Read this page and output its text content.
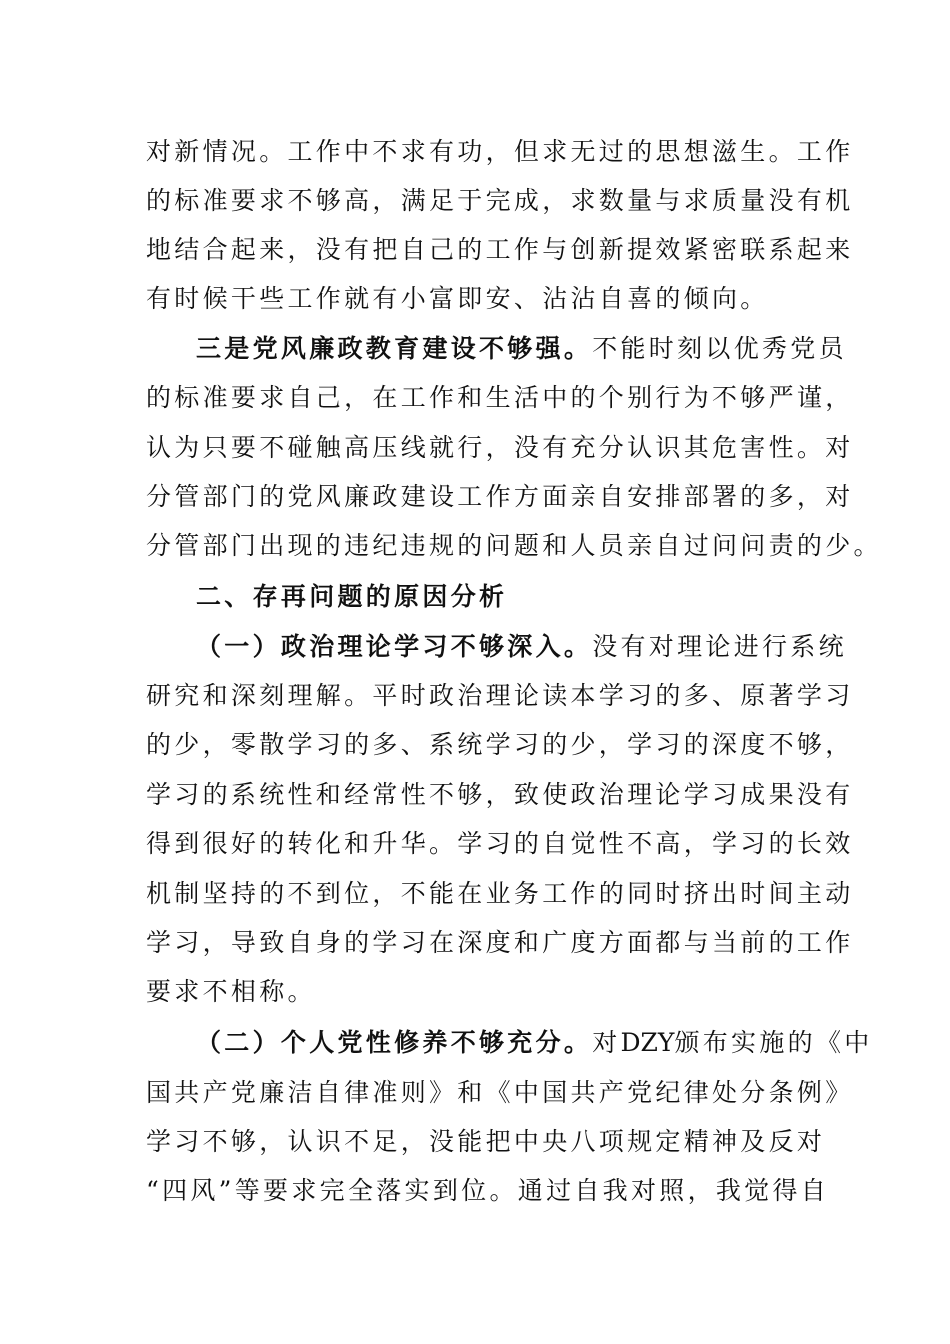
对新情况。工作中不求有功，但求无过的思想滋生。工作
的标准要求不够高，满足于完成，求数量与求质量没有机
地结合起来，没有把自己的工作与创新提效紧密联系起来
有时候干些工作就有小富即安、沾沾自喜的倾向。
三是党风廉政教育建设不够强。不能时刻以优秀党员
的标准要求自己，在工作和生活中的个别行为不够严谨，
认为只要不碰触高压线就行，没有充分认识其危害性。对
分管部门的党风廉政建设工作方面亲自安排部署的多，对
分管部门出现的违纪违规的问题和人员亲自过问问责的少。
二、存再问题的原因分析
（一）政治理论学习不够深入。没有对理论进行系统
研究和深刻理解。平时政治理论读本学习的多、原著学习
的少，零散学习的多、系统学习的少，学习的深度不够，
学习的系统性和经常性不够，致使政治理论学习成果没有
得到很好的转化和升华。学习的自觉性不高，学习的长效
机制坚持的不到位，不能在业务工作的同时挤出时间主动
学习，导致自身的学习在深度和广度方面都与当前的工作
要求不相称。
（二）个人党性修养不够充分。对DZY颁布实施的《中
国共产党廉洁自律准则》和《中国共产党纪律处分条例》
学习不够，认识不足，没能把中央八项规定精神及反对
“四风”等要求完全落实到位。通过自我对照，我觉得自
